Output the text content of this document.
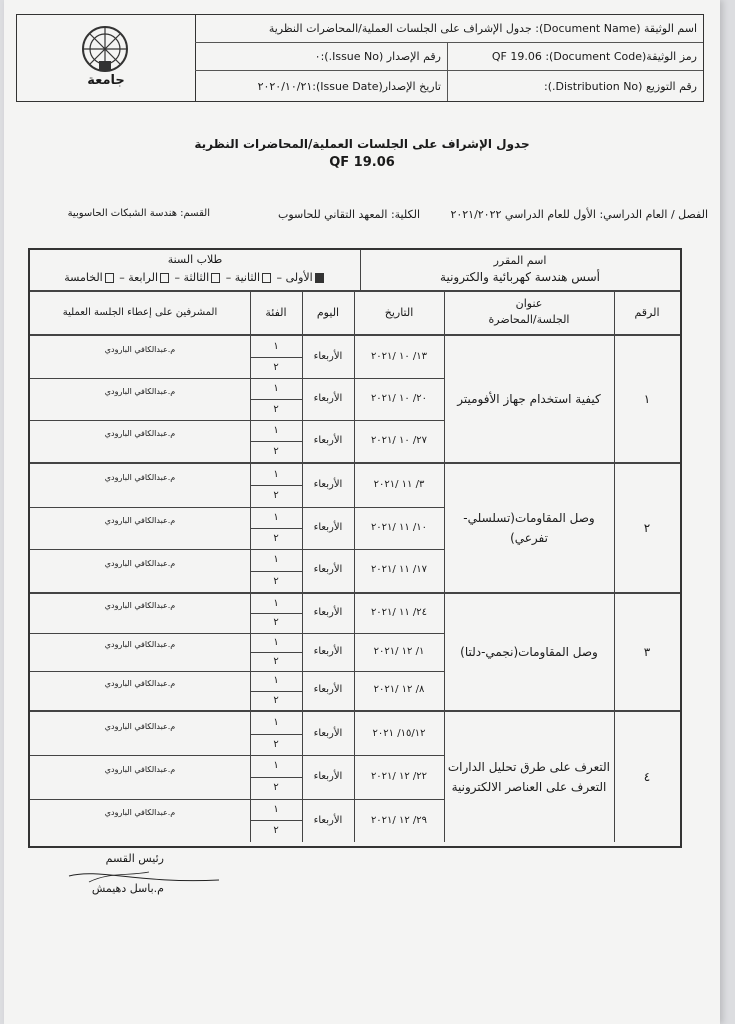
جامعة
اسم الوثيقة (Document Name): جدول الإشراف على الجلسات العملية/المحاضرات النظرية
رمز الوثيقة(Document Code): QF 19.06
رقم الإصدار (Issue No.):٠
رقم التوزيع (Distribution No.):
تاريخ الإصدار(Issue Date):٢٠٢٠/١٠/٢١
جدول الإشراف على الجلسات العملية/المحاضرات النظرية
QF 19.06
الفصل / العام الدراسي: الأول للعام الدراسي ٢٠٢١/٢٠٢٢
الكلية: المعهد التقاني للحاسوب
القسم: هندسة الشبكات الحاسوبية
اسم المقرر
أسس هندسة كهربائية والكترونية
طلاب السنة
الأولى – الثانية – الثالثة – الرابعة – الخامسة
الرقم
عنوان
الجلسة/المحاضرة
التاريخ
اليوم
الفئة
المشرفين على إعطاء الجلسة العملية
١
كيفية استخدام جهاز الأفوميتر
١٣/ ١٠ /٢٠٢١
الأربعاء
١
٢
م.عبدالكافي البارودي
٢٠/ ١٠ /٢٠٢١
الأربعاء
١
٢
م.عبدالكافي البارودي
٢٧/ ١٠ /٢٠٢١
الأربعاء
١
٢
م.عبدالكافي البارودي
٢
وصل المقاومات(تسلسلي-
تفرعي)
٣/ ١١ /٢٠٢١
الأربعاء
١
٢
م.عبدالكافي البارودي
١٠/ ١١ /٢٠٢١
الأربعاء
١
٢
م.عبدالكافي البارودي
١٧/ ١١ /٢٠٢١
الأربعاء
١
٢
م.عبدالكافي البارودي
٣
وصل المقاومات(نجمي-دلتا)
٢٤/ ١١ /٢٠٢١
الأربعاء
١
٢
م.عبدالكافي البارودي
١/ ١٢ /٢٠٢١
الأربعاء
١
٢
م.عبدالكافي البارودي
٨/ ١٢ /٢٠٢١
الأربعاء
١
٢
م.عبدالكافي البارودي
٤
التعرف على طرق تحليل الدارات
التعرف على العناصر الالكترونية
١٥/١٢/ ٢٠٢١
الأربعاء
١
٢
م.عبدالكافي البارودي
٢٢/ ١٢ /٢٠٢١
الأربعاء
١
٢
م.عبدالكافي البارودي
٢٩/ ١٢ /٢٠٢١
الأربعاء
١
٢
م.عبدالكافي البارودي
رئيس القسم
م.باسل دهيمش
